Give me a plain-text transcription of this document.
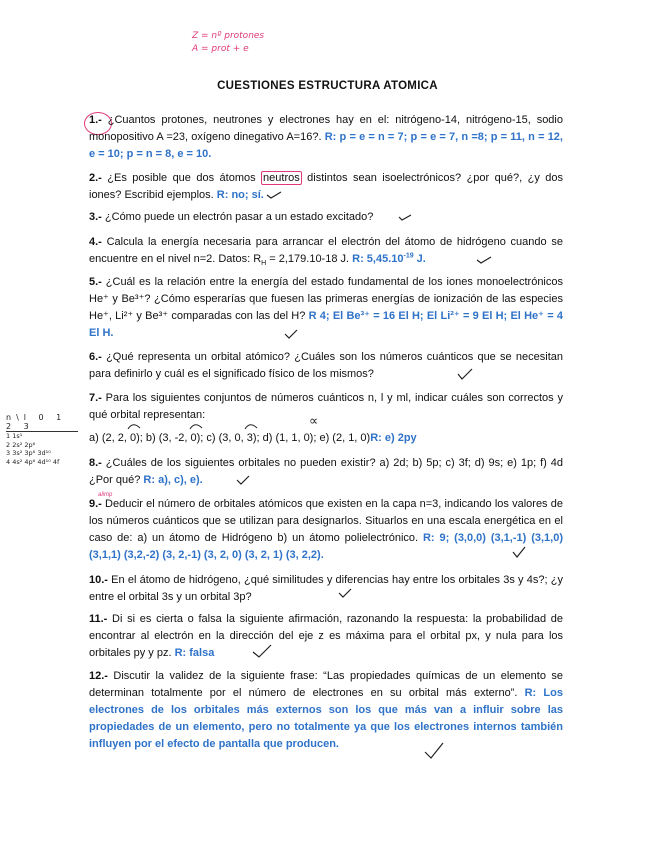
Z = nº protones
A = prot + e
CUESTIONES ESTRUCTURA ATOMICA

1.- ¿Cuantos protones, neutrones y electrones hay en el: nitrógeno-14, nitrógeno-15, sodio monopositivo A =23, oxígeno dinegativo A=16?. R: p = e = n = 7; p = e = 7, n =8; p = 11, n = 12, e = 10; p = n = 8, e = 10.

2.- ¿Es posible que dos átomos neutros distintos sean isoelectrónicos? ¿por qué?, ¿y dos iones? Escribid ejemplos. R: no; sí.

3.- ¿Cómo puede un electrón pasar a un estado excitado?

4.- Calcula la energía necesaria para arrancar el electrón del átomo de hidrógeno cuando se encuentre en el nivel n=2. Datos: $R_H = 2,179.10-18$ J. R: $5,45.10^{-19}$ J.

5.- ¿Cuál es la relación entre la energía del estado fundamental de los iones monoelectrónicos He⁺ y Be³⁺? ¿Cómo esperarías que fuesen las primeras energías de ionización de las especies He⁺, Li²⁺ y Be³⁺ comparadas con las del H? R 4; El Be³⁺ = 16 El H; El Li²⁺ = 9 El H; El He⁺ = 4 El H.

6.- ¿Qué representa un orbital atómico? ¿Cuáles son los números cuánticos que se necesitan para definirlo y cuál es el significado físico de los mismos?

7.- Para los siguientes conjuntos de números cuánticos n, l y ml, indicar cuáles son correctos y qué orbital representan:
a) (2, 2, 0); b) (3, -2, 0); c) (3, 0, 3); d) (1, 1, 0); e) (2, 1, 0)R: e) 2py

8.- ¿Cuáles de los siguientes orbitales no pueden existir? a) 2d; b) 5p; c) 3f; d) 9s; e) 1p; f) 4d ¿Por qué? R: a), c), e).

9.- Deducir el número de orbitales atómicos que existen en la capa n=3, indicando los valores de los números cuánticos que se utilizan para designarlos. Situarlos en una escala energética en el caso de: a) un átomo de Hidrógeno b) un átomo polielectrónico. R: 9; (3,0,0) (3,1,-1) (3,1,0) (3,1,1) (3,2,-2) (3, 2,-1) (3, 2, 0) (3, 2, 1) (3, 2,2).

10.- En el átomo de hidrógeno, ¿qué similitudes y diferencias hay entre los orbitales 3s y 4s?; ¿y entre el orbital 3s y un orbital 3p?

11.- Di si es cierta o falsa la siguiente afirmación, razonando la respuesta: la probabilidad de encontrar al electrón en la dirección del eje z es máxima para el orbital px, y nula para los orbitales py y pz. R: falsa

12.- Discutir la validez de la siguiente frase: “Las propiedades químicas de un elemento se determinan totalmente por el número de electrones en su orbital más externo”. R: Los electrones de los orbitales más externos son los que más van a influir sobre las propiedades de un elemento, pero no totalmente ya que los electrones internos también influyen por el efecto de pantalla que producen.

n\l 0 1 2 3
1 1s¹
2 2s² 2p⁶
3 3s² 3p⁶ 3d¹⁰
4 4s² 4p⁶ 4d¹⁰ 4f
∝
alimp
